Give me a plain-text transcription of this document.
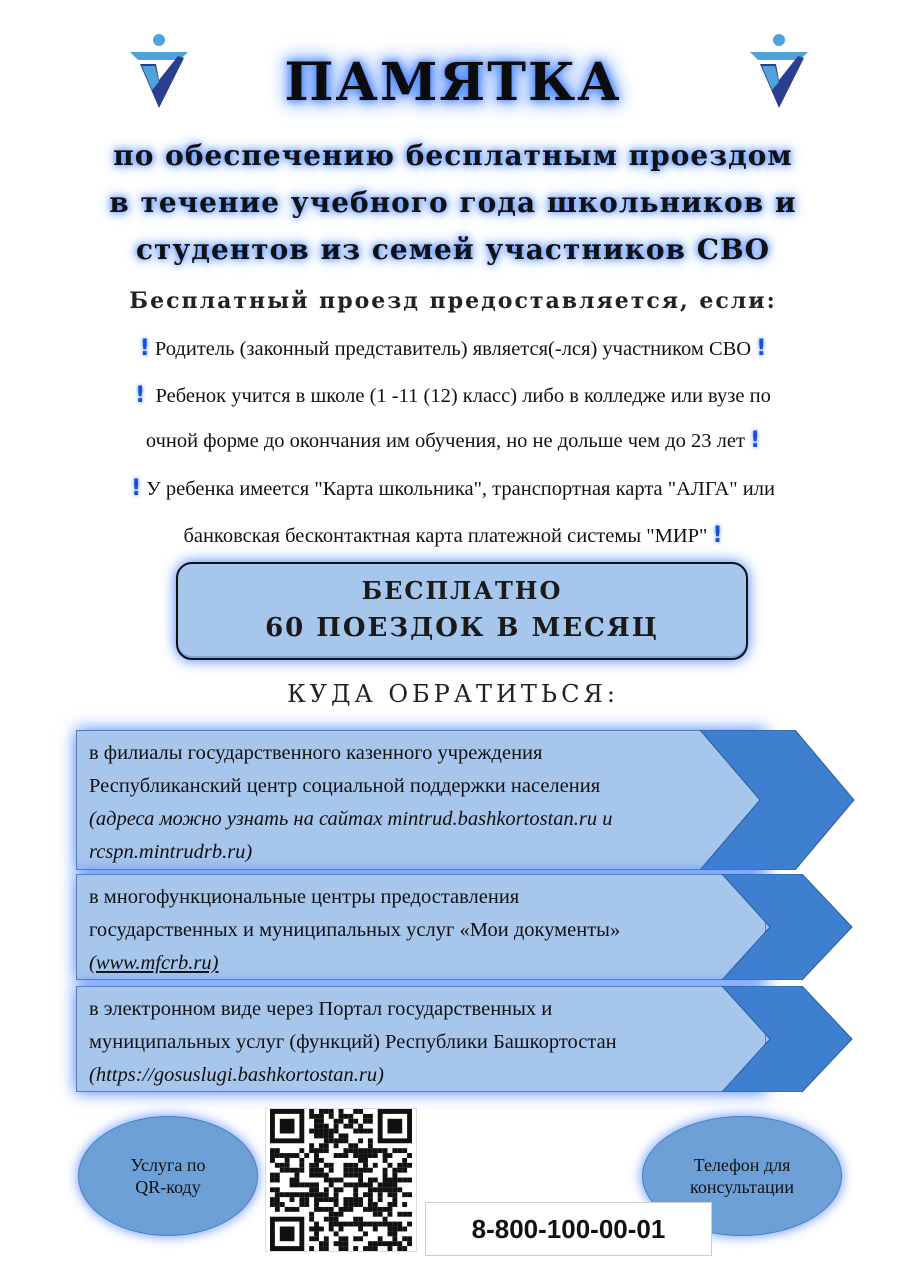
ПАМЯТКА
по обеспечению бесплатным проездом
в течение учебного года школьников и
студентов из семей участников СВО
Бесплатный проезд предоставляется, если:
! Родитель (законный представитель) является(-лся) участником СВО !
! Ребенок учится в школе (1 -11 (12) класс) либо в колледже или вузе по
очной форме до окончания им обучения, но не дольше чем до 23 лет !
! У ребенка имеется "Карта школьника", транспортная карта "АЛГА" или
банковская бесконтактная карта платежной системы "МИР" !
БЕСПЛАТНО
60 ПОЕЗДОК В МЕСЯЦ
КУДА ОБРАТИТЬСЯ:
в филиалы государственного казенного учреждения
Республиканский центр социальной поддержки населения
(адреса можно узнать на сайтах mintrud.bashkortostan.ru и
rcspn.mintrudrb.ru)
в многофункциональные центры предоставления
государственных и муниципальных услуг «Мои документы»
(www.mfcrb.ru)
в электронном виде через Портал государственных и
муниципальных услуг (функций) Республики Башкортостан
(https://gosuslugi.bashkortostan.ru)
Услуга по
QR-коду
Телефон для
консультации
8-800-100-00-01
